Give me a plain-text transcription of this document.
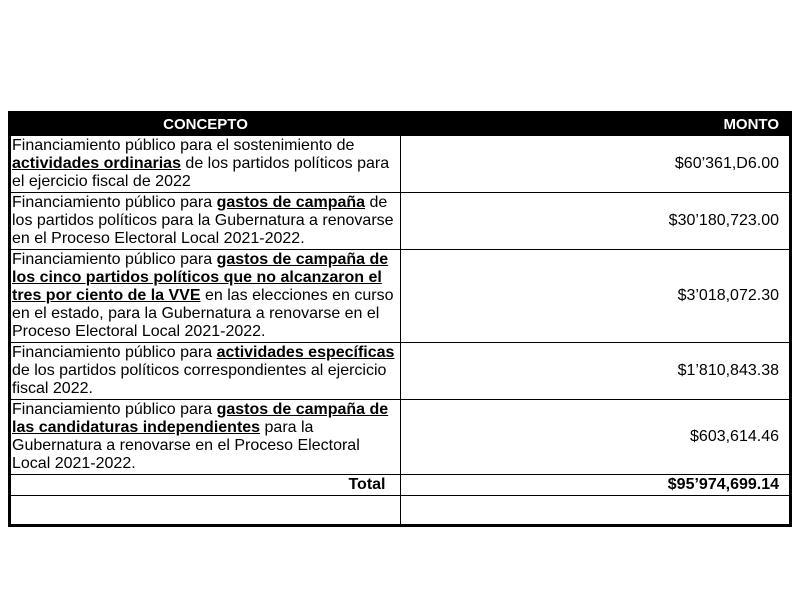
CONCEPTO	MONTO
Financiamiento público para el sostenimiento de actividades ordinarias de los partidos políticos para el ejercicio fiscal de 2022	$60’361,D6.00
Financiamiento público para gastos de campaña de los partidos políticos para la Gubernatura a renovarse en el Proceso Electoral Local 2021-2022.	$30’180,723.00
Financiamiento público para gastos de campaña de los cinco partidos políticos que no alcanzaron el tres por ciento de la VVE en las elecciones en curso en el estado, para la Gubernatura a renovarse en el Proceso Electoral Local 2021-2022.	$3’018,072.30
Financiamiento público para actividades específicas de los partidos políticos correspondientes al ejercicio fiscal 2022.	$1’810,843.38
Financiamiento público para gastos de campaña de las candidaturas independientes para la Gubernatura a renovarse en el Proceso Electoral Local 2021-2022.	$603,614.46
Total	$95’974,699.14
